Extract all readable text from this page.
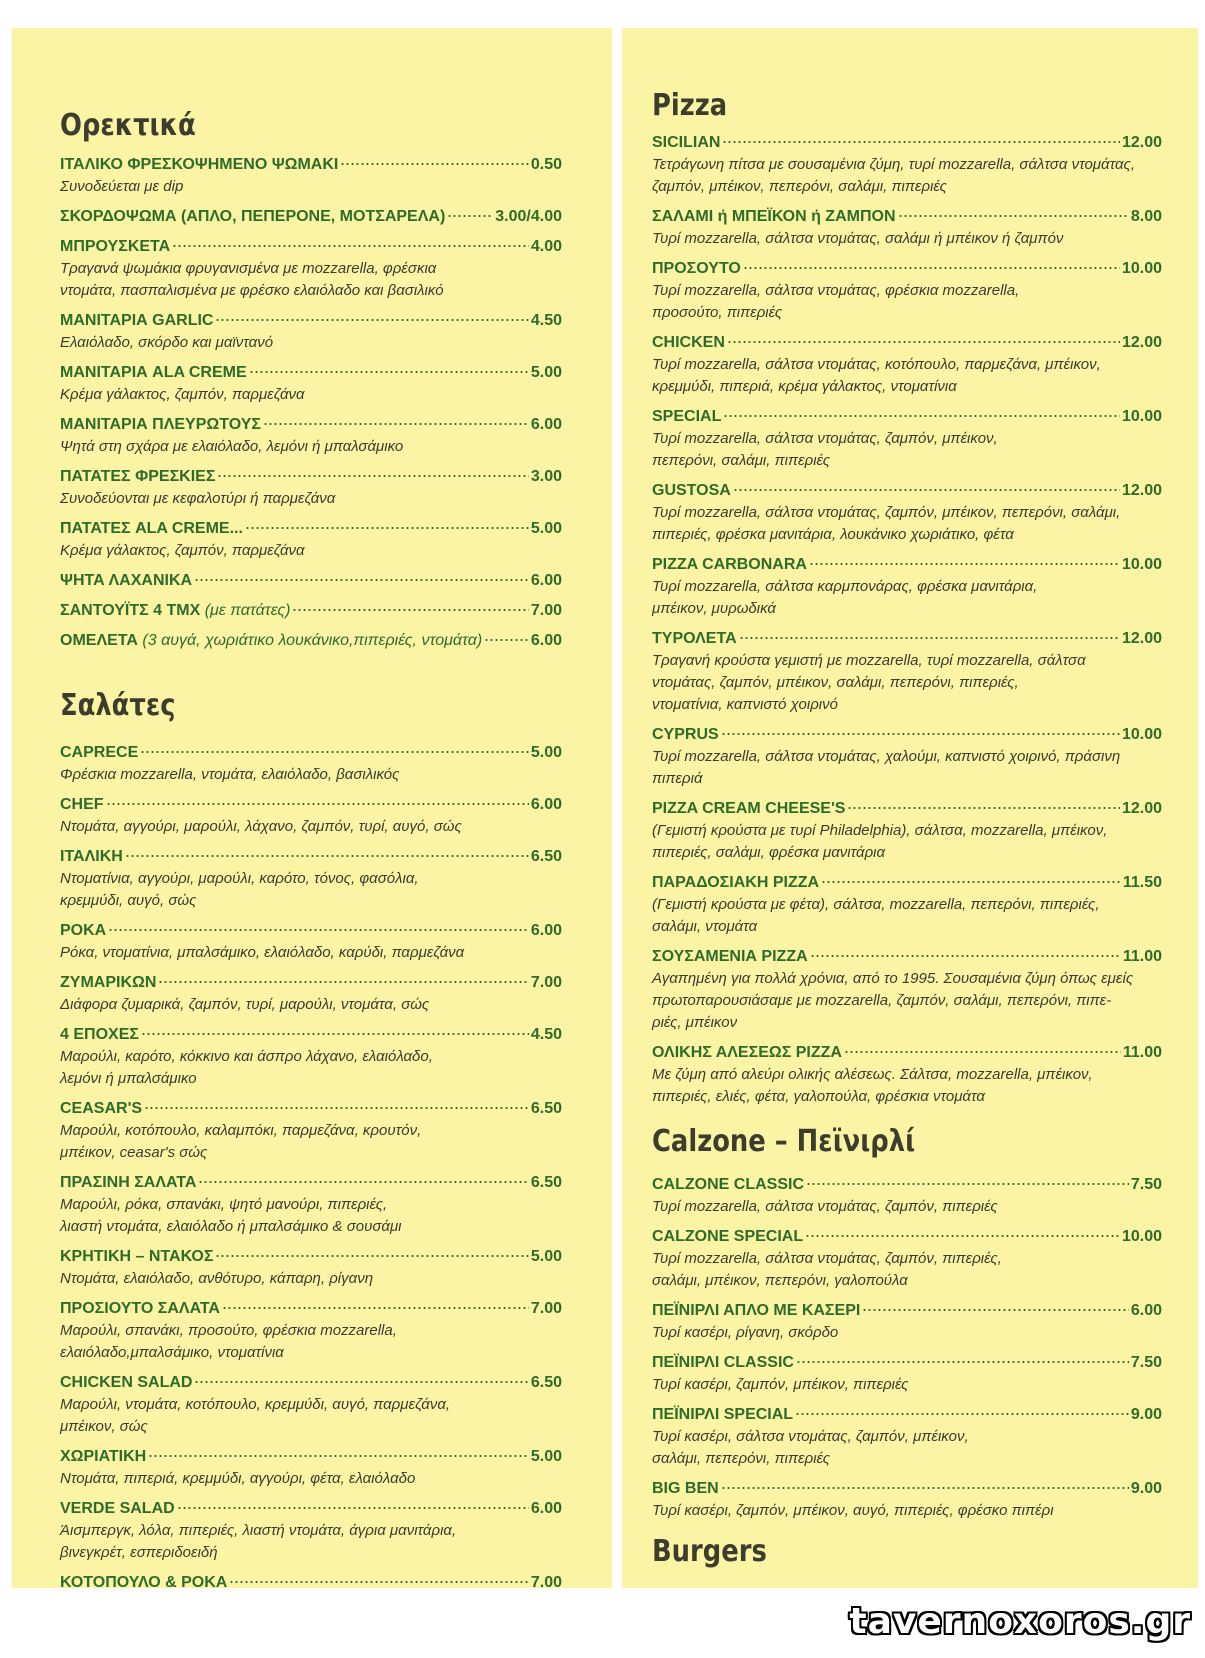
Ορεκτικά
ΙΤΑΛΙΚΟ ΦΡΕΣΚΟΨΗΜΕΝΟ ΨΩΜΑΚΙ	0.50
Συνοδεύεται με dip
ΣΚΟΡΔΟΨΩΜΑ (ΑΠΛΟ, ΠΕΠΕΡΟΝΕ, ΜΟΤΣΑΡΕΛΑ)	3.00/4.00
ΜΠΡΟΥΣΚΕΤΑ	4.00
Τραγανά ψωμάκια φρυγανισμένα με mozzarella, φρέσκια
ντομάτα, πασπαλισμένα με φρέσκο ελαιόλαδο και βασιλικό
ΜΑΝΙΤΑΡΙΑ GARLIC	4.50
Ελαιόλαδο, σκόρδο και μαϊντανό
ΜΑΝΙΤΑΡΙΑ ALA CREME	5.00
Κρέμα γάλακτος, ζαμπόν, παρμεζάνα
ΜΑΝΙΤΑΡΙΑ ΠΛΕΥΡΩΤΟΥΣ	6.00
Ψητά στη σχάρα με ελαιόλαδο, λεμόνι ή μπαλσάμικο
ΠΑΤΑΤΕΣ ΦΡΕΣΚΙΕΣ	3.00
Συνοδεύονται με κεφαλοτύρι ή παρμεζάνα
ΠΑΤΑΤΕΣ ALA CREME...	5.00
Κρέμα γάλακτος, ζαμπόν, παρμεζάνα
ΨΗΤΑ ΛΑΧΑΝΙΚΑ	6.00
ΣΑΝΤΟΥΪΤΣ 4 ΤΜΧ (με πατάτες)	7.00
ΟΜΕΛΕΤΑ (3 αυγά, χωριάτικο λουκάνικο,πιπεριές, ντομάτα)	6.00
Σαλάτες
CAPRECE	5.00
Φρέσκια mozzarella, ντομάτα, ελαιόλαδο, βασιλικός
CHEF	6.00
Ντομάτα, αγγούρι, μαρούλι, λάχανο, ζαμπόν, τυρί, αυγό, σώς
ΙΤΑΛΙΚΗ	6.50
Ντοματίνια, αγγούρι, μαρούλι, καρότο, τόνος, φασόλια,
κρεμμύδι, αυγό, σώς
ΡΟΚΑ	6.00
Ρόκα, ντοματίνια, μπαλσάμικο, ελαιόλαδο, καρύδι, παρμεζάνα
ΖΥΜΑΡΙΚΩΝ	7.00
Διάφορα ζυμαρικά, ζαμπόν, τυρί, μαρούλι, ντομάτα, σώς
4 ΕΠΟΧΕΣ	4.50
Μαρούλι, καρότο, κόκκινο και άσπρο λάχανο, ελαιόλαδο,
λεμόνι ή μπαλσάμικο
CEASAR'S	6.50
Μαρούλι, κοτόπουλο, καλαμπόκι, παρμεζάνα, κρουτόν,
μπέικον, ceasar's σώς
ΠΡΑΣΙΝΗ ΣΑΛΑΤΑ	6.50
Μαρούλι, ρόκα, σπανάκι, ψητό μανούρι, πιπεριές,
λιαστή ντομάτα, ελαιόλαδο ή μπαλσάμικο & σουσάμι
ΚΡΗΤΙΚΗ – ΝΤΑΚΟΣ	5.00
Ντομάτα, ελαιόλαδο, ανθότυρο, κάπαρη, ρίγανη
ΠΡΟΣΙΟΥΤΟ ΣΑΛΑΤΑ	7.00
Μαρούλι, σπανάκι, προσούτο, φρέσκια mozzarella,
ελαιόλαδο,μπαλσάμικο, ντοματίνια
CHICKEN SALAD	6.50
Μαρούλι, ντομάτα, κοτόπουλο, κρεμμύδι, αυγό, παρμεζάνα,
μπέικον, σώς
ΧΩΡΙΑΤΙΚΗ	5.00
Ντομάτα, πιπεριά, κρεμμύδι, αγγούρι, φέτα, ελαιόλαδο
VERDE SALAD	6.00
Άισμπεργκ, λόλα, πιπεριές, λιαστή ντομάτα, άγρια μανιτάρια,
βινεγκρέτ, εσπεριδοειδή
ΚΟΤΟΠΟΥΛΟ & ΡΟΚΑ	7.00
Pizza
SICILIAN	12.00
Τετράγωνη πίτσα με σουσαμένια ζύμη, τυρί mozzarella, σάλτσα ντομάτας,
ζαμπόν, μπέικον, πεπερόνι, σαλάμι, πιπεριές
ΣΑΛΑΜΙ ή ΜΠΕΪΚΟΝ ή ΖΑΜΠΟΝ	8.00
Τυρί mozzarella, σάλτσα ντομάτας, σαλάμι ή μπέικον ή ζαμπόν
ΠΡΟΣΟΥΤΟ	10.00
Τυρί mozzarella, σάλτσα ντομάτας, φρέσκια mozzarella,
προσούτο, πιπεριές
CHICKEN	12.00
Τυρί mozzarella, σάλτσα ντομάτας, κοτόπουλο, παρμεζάνα, μπέικον,
κρεμμύδι, πιπεριά, κρέμα γάλακτος, ντοματίνια
SPECIAL	10.00
Τυρί mozzarella, σάλτσα ντομάτας, ζαμπόν, μπέικον,
πεπερόνι, σαλάμι, πιπεριές
GUSTOSA	12.00
Τυρί mozzarella, σάλτσα ντομάτας, ζαμπόν, μπέικον, πεπερόνι, σαλάμι,
πιπεριές, φρέσκα μανιτάρια, λουκάνικο χωριάτικο, φέτα
PIZZA CARBONARA	10.00
Τυρί mozzarella, σάλτσα καρμπονάρας, φρέσκα μανιτάρια,
μπέικον, μυρωδικά
ΤΥΡΟΛΕΤΑ	12.00
Τραγανή κρούστα γεμιστή με mozzarella, τυρί mozzarella, σάλτσα
ντομάτας, ζαμπόν, μπέικον, σαλάμι, πεπερόνι, πιπεριές,
ντοματίνια, καπνιστό χοιρινό
CYPRUS	10.00
Τυρί mozzarella, σάλτσα ντομάτας, χαλούμι, καπνιστό χοιρινό, πράσινη
πιπεριά
PIZZA CREAM CHEESE'S	12.00
(Γεμιστή κρούστα με τυρί Philadelphia), σάλτσα, mozzarella, μπέικον,
πιπεριές, σαλάμι, φρέσκα μανιτάρια
ΠΑΡΑΔΟΣΙΑΚΗ PIZZA	11.50
(Γεμιστή κρούστα με φέτα), σάλτσα, mozzarella, πεπερόνι, πιπεριές,
σαλάμι, ντομάτα
ΣΟΥΣΑΜΕΝΙΑ PIZZA	11.00
Αγαπημένη για πολλά χρόνια, από το 1995. Σουσαμένια ζύμη όπως εμείς
πρωτοπαρουσιάσαμε με mozzarella, ζαμπόν, σαλάμι, πεπερόνι, πιπε-
ριές, μπέικον
ΟΛΙΚΗΣ ΑΛΕΣΕΩΣ PIZZA	11.00
Με ζύμη από αλεύρι ολικής αλέσεως. Σάλτσα, mozzarella, μπέικον,
πιπεριές, ελιές, φέτα, γαλοπούλα, φρέσκια ντομάτα
Calzone – Πεϊνιρλί
CALZONE CLASSIC	7.50
Τυρί mozzarella, σάλτσα ντομάτας, ζαμπόν, πιπεριές
CALZONE SPECIAL	10.00
Τυρί mozzarella, σάλτσα ντομάτας, ζαμπόν, πιπεριές,
σαλάμι, μπέικον, πεπερόνι, γαλοπούλα
ΠΕΪΝΙΡΛΙ ΑΠΛΟ ΜΕ ΚΑΣΕΡΙ	6.00
Τυρί κασέρι, ρίγανη, σκόρδο
ΠΕΪΝΙΡΛΙ CLASSIC	7.50
Τυρί κασέρι, ζαμπόν, μπέικον, πιπεριές
ΠΕΪΝΙΡΛΙ SPECIAL	9.00
Τυρί κασέρι, σάλτσα ντομάτας, ζαμπόν, μπέικον,
σαλάμι, πεπερόνι, πιπεριές
BIG BEN	9.00
Τυρί κασέρι, ζαμπόν, μπέικον, αυγό, πιπεριές, φρέσκο πιπέρι
Burgers
tavernoxoros.gr
